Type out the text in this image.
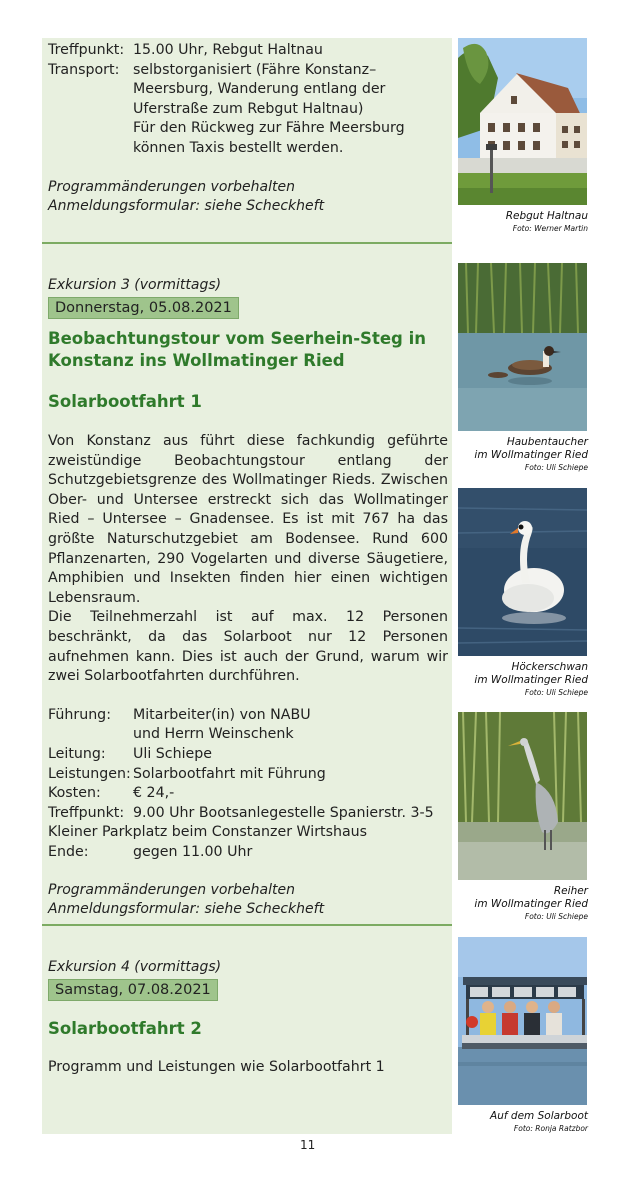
Treffpunkt: 15.00 Uhr, Rebgut Haltnau
Transport: selbstorganisiert (Fähre Konstanz–Meersburg, Wanderung entlang der Uferstraße zum Rebgut Haltnau)
Für den Rückweg zur Fähre Meersburg können Taxis bestellt werden.
Programmänderungen vorbehalten
Anmeldungsformular: siehe Scheckheft
Exkursion 3 (vormittags)
Donnerstag, 05.08.2021
Beobachtungstour vom Seerhein-Steg in Konstanz ins Wollmatinger Ried
Solarbootfahrt 1
Von Konstanz aus führt diese fachkundig geführte zweistündige Beobachtungstour entlang der Schutzgebietsgrenze des Wollmatinger Rieds. Zwischen Ober- und Untersee erstreckt sich das Wollmatinger Ried – Untersee – Gnadensee. Es ist mit 767 ha das größte Naturschutzgebiet am Bodensee. Rund 600 Pflanzenarten, 290 Vogelarten und diverse Säugetiere, Amphibien und Insekten finden hier einen wichtigen Lebensraum.
Die Teilnehmerzahl ist auf max. 12 Personen beschränkt, da das Solarboot nur 12 Personen aufnehmen kann. Dies ist auch der Grund, warum wir zwei Solarbootfahrten durchführen.
Führung:	Mitarbeiter(in) von NABU
und Herrn Weinschenk
Leitung:	Uli Schiepe
Leistungen: Solarbootfahrt mit Führung
Kosten:	€ 24,-
Treffpunkt: 9.00 Uhr Bootsanlegestelle Spanierstr. 3-5
Kleiner Parkplatz beim Constanzer Wirtshaus
Ende:	gegen 11.00 Uhr
Programmänderungen vorbehalten
Anmeldungsformular: siehe Scheckheft
Exkursion 4 (vormittags)
Samstag, 07.08.2021
Solarbootfahrt 2
Programm und Leistungen wie Solarbootfahrt 1
Rebgut Haltnau
Foto: Werner Martin
Haubentaucher
im Wollmatinger Ried
Foto: Uli Schiepe
Höckerschwan
im Wollmatinger Ried
Foto: Uli Schiepe
Reiher
im Wollmatinger Ried
Foto: Uli Schiepe
Auf dem Solarboot
Foto: Ronja Ratzbor
11
